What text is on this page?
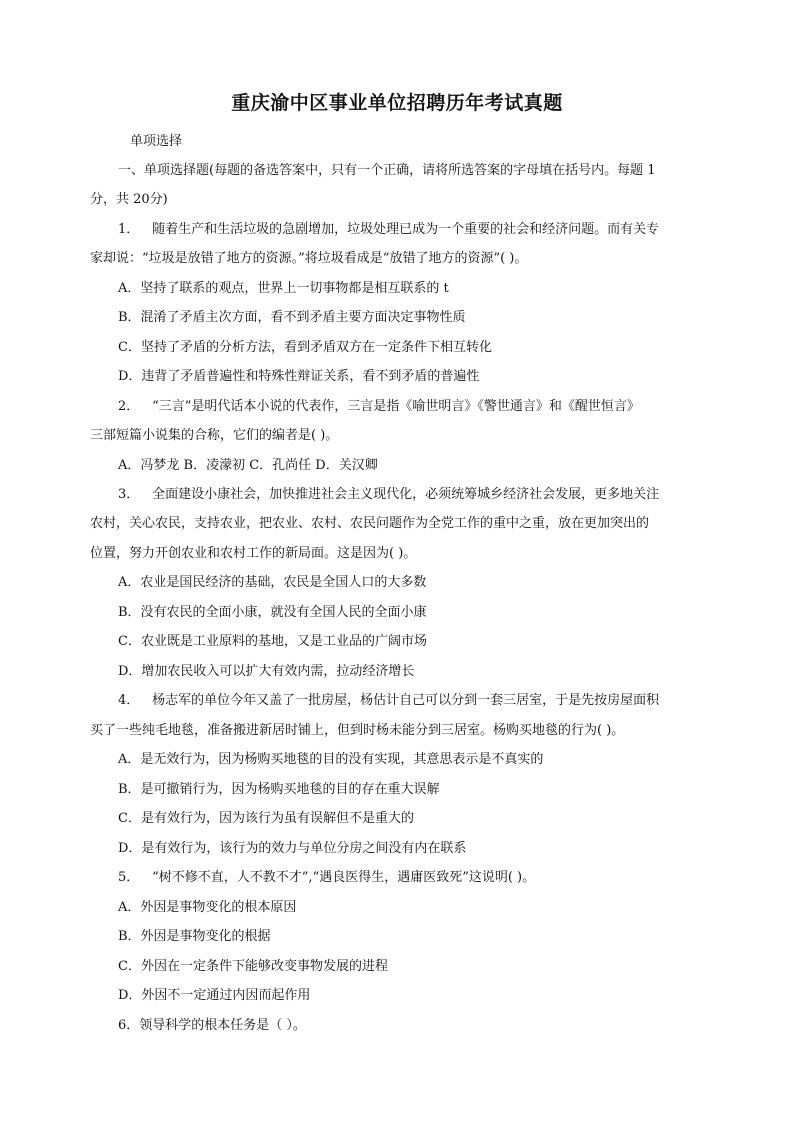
重庆渝中区事业单位招聘历年考试真题
单项选择
一、单项选择题(每题的备选答案中，只有一个正确，请将所选答案的字母填在括号内。每题 1
分，共 20分)
1． 随着生产和生活垃圾的急剧增加，垃圾处理已成为一个重要的社会和经济问题。而有关专
家却说：“垃圾是放错了地方的资源。”将垃圾看成是“放错了地方的资源”( )。
A．坚持了联系的观点，世界上一切事物都是相互联系的 t
B．混淆了矛盾主次方面，看不到矛盾主要方面决定事物性质
C．坚持了矛盾的分析方法，看到矛盾双方在一定条件下相互转化
D．违背了矛盾普遍性和特殊性辩证关系，看不到矛盾的普遍性
2． “三言”是明代话本小说的代表作，三言是指《喻世明言》《警世通言》和《醒世恒言》
三部短篇小说集的合称，它们的编者是( )。
A．冯梦龙 B．凌濛初 C．孔尚任 D．关汉卿
3． 全面建设小康社会，加快推进社会主义现代化，必须统筹城乡经济社会发展，更多地关注
农村，关心农民，支持农业，把农业、农村、农民问题作为全党工作的重中之重，放在更加突出的
位置，努力开创农业和农村工作的新局面。这是因为( )。
A．农业是国民经济的基础，农民是全国人口的大多数
B．没有农民的全面小康，就没有全国人民的全面小康
C．农业既是工业原料的基地，又是工业品的广阔市场
D．增加农民收入可以扩大有效内需，拉动经济增长
4． 杨志军的单位今年又盖了一批房屋，杨估计自己可以分到一套三居室，于是先按房屋面积
买了一些纯毛地毯，准备搬进新居时铺上，但到时杨未能分到三居室。杨购买地毯的行为( )。
A．是无效行为，因为杨购买地毯的目的没有实现，其意思表示是不真实的
B．是可撤销行为，因为杨购买地毯的目的存在重大误解
C．是有效行为，因为该行为虽有误解但不是重大的
D．是有效行为，该行为的效力与单位分房之间没有内在联系
5． “树不修不直，人不教不才”,“遇良医得生，遇庸医致死”这说明( )。
A．外因是事物变化的根本原因
B．外因是事物变化的根据
C．外因在一定条件下能够改变事物发展的进程
D．外因不一定通过内因而起作用
6．领导科学的根本任务是（ ）。
